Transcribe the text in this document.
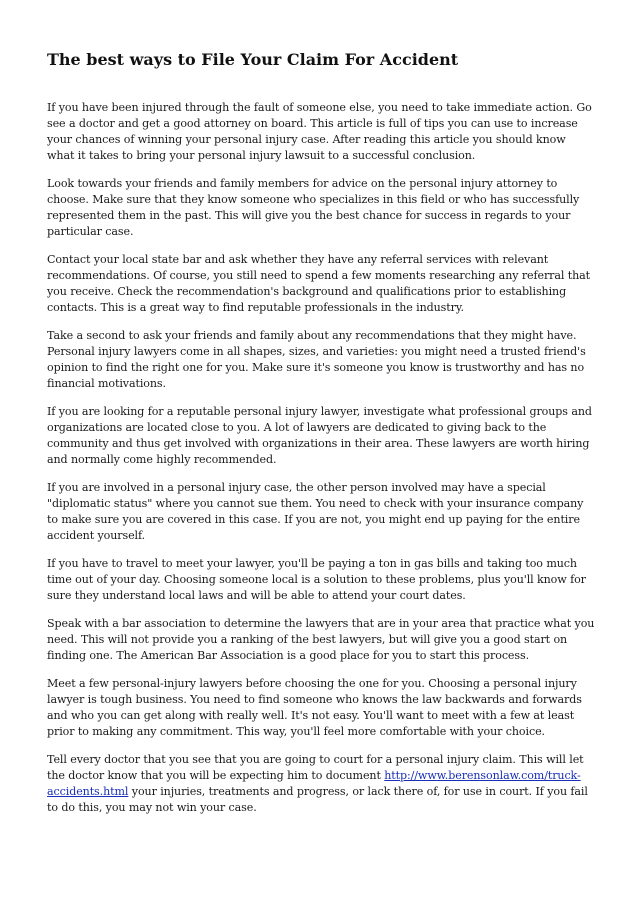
The best ways to File Your Claim For Accident

If you have been injured through the fault of someone else, you need to take immediate action. Go see a doctor and get a good attorney on board. This article is full of tips you can use to increase your chances of winning your personal injury case. After reading this article you should know what it takes to bring your personal injury lawsuit to a successful conclusion.

Look towards your friends and family members for advice on the personal injury attorney to choose. Make sure that they know someone who specializes in this field or who has successfully represented them in the past. This will give you the best chance for success in regards to your particular case.

Contact your local state bar and ask whether they have any referral services with relevant recommendations. Of course, you still need to spend a few moments researching any referral that you receive. Check the recommendation's background and qualifications prior to establishing contacts. This is a great way to find reputable professionals in the industry.

Take a second to ask your friends and family about any recommendations that they might have. Personal injury lawyers come in all shapes, sizes, and varieties: you might need a trusted friend's opinion to find the right one for you. Make sure it's someone you know is trustworthy and has no financial motivations.

If you are looking for a reputable personal injury lawyer, investigate what professional groups and organizations are located close to you. A lot of lawyers are dedicated to giving back to the community and thus get involved with organizations in their area. These lawyers are worth hiring and normally come highly recommended.

If you are involved in a personal injury case, the other person involved may have a special "diplomatic status" where you cannot sue them. You need to check with your insurance company to make sure you are covered in this case. If you are not, you might end up paying for the entire accident yourself.

If you have to travel to meet your lawyer, you'll be paying a ton in gas bills and taking too much time out of your day. Choosing someone local is a solution to these problems, plus you'll know for sure they understand local laws and will be able to attend your court dates.

Speak with a bar association to determine the lawyers that are in your area that practice what you need. This will not provide you a ranking of the best lawyers, but will give you a good start on finding one. The American Bar Association is a good place for you to start this process.

Meet a few personal-injury lawyers before choosing the one for you. Choosing a personal injury lawyer is tough business. You need to find someone who knows the law backwards and forwards and who you can get along with really well. It's not easy. You'll want to meet with a few at least prior to making any commitment. This way, you'll feel more comfortable with your choice.

Tell every doctor that you see that you are going to court for a personal injury claim. This will let the doctor know that you will be expecting him to document http://www.berensonlaw.com/truck-accidents.html your injuries, treatments and progress, or lack there of, for use in court. If you fail to do this, you may not win your case.
